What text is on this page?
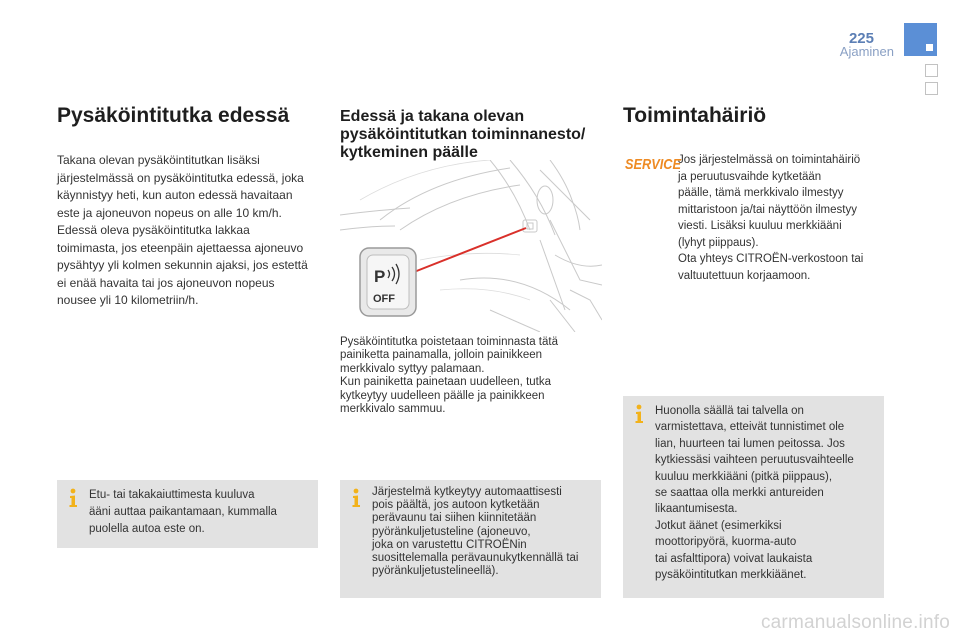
225
Ajaminen
Pysäköintitutka edessä
Takana olevan pysäköintitutkan lisäksi
järjestelmässä on pysäköintitutka edessä, joka
käynnistyy heti, kun auton edessä havaitaan
este ja ajoneuvon nopeus on alle 10 km/h.
Edessä oleva pysäköintitutka lakkaa
toimimasta, jos eteenpäin ajettaessa ajoneuvo
pysähtyy yli kolmen sekunnin ajaksi, jos estettä
ei enää havaita tai jos ajoneuvon nopeus
nousee yli 10 kilometriin/h.
Etu- tai takakaiuttimesta kuuluva
ääni auttaa paikantamaan, kummalla
puolella autoa este on.
Edessä ja takana olevan
pysäköintitutkan toiminnanesto/
kytkeminen päälle
P
OFF
Pysäköintitutka poistetaan toiminnasta tätä
painiketta painamalla, jolloin painikkeen
merkkivalo syttyy palamaan.
Kun painiketta painetaan uudelleen, tutka
kytkeytyy uudelleen päälle ja painikkeen
merkkivalo sammuu.
Järjestelmä kytkeytyy automaattisesti
pois päältä, jos autoon kytketään
perävaunu tai siihen kiinnitetään
pyöränkuljetusteline (ajoneuvo,
joka on varustettu CITROËNin
suosittelemalla perävaunukytkennällä tai
pyöränkuljetustelineellä).
Toimintahäiriö
SERVICE
Jos järjestelmässä on toimintahäiriö
ja peruutusvaihde kytketään
päälle, tämä merkkivalo ilmestyy
mittaristoon ja/tai näyttöön ilmestyy
viesti. Lisäksi kuuluu merkkiääni
(lyhyt piippaus).
Ota yhteys CITROËN-verkostoon tai
valtuutettuun korjaamoon.
Huonolla säällä tai talvella on
varmistettava, etteivät tunnistimet ole
lian, huurteen tai lumen peitossa. Jos
kytkiessäsi vaihteen peruutusvaihteelle
kuuluu merkkiääni (pitkä piippaus),
se saattaa olla merkki antureiden
likaantumisesta.
Jotkut äänet (esimerkiksi
moottoripyörä, kuorma-auto
tai asfalttipora) voivat laukaista
pysäköintitutkan merkkiäänet.
carmanualsonline.info
